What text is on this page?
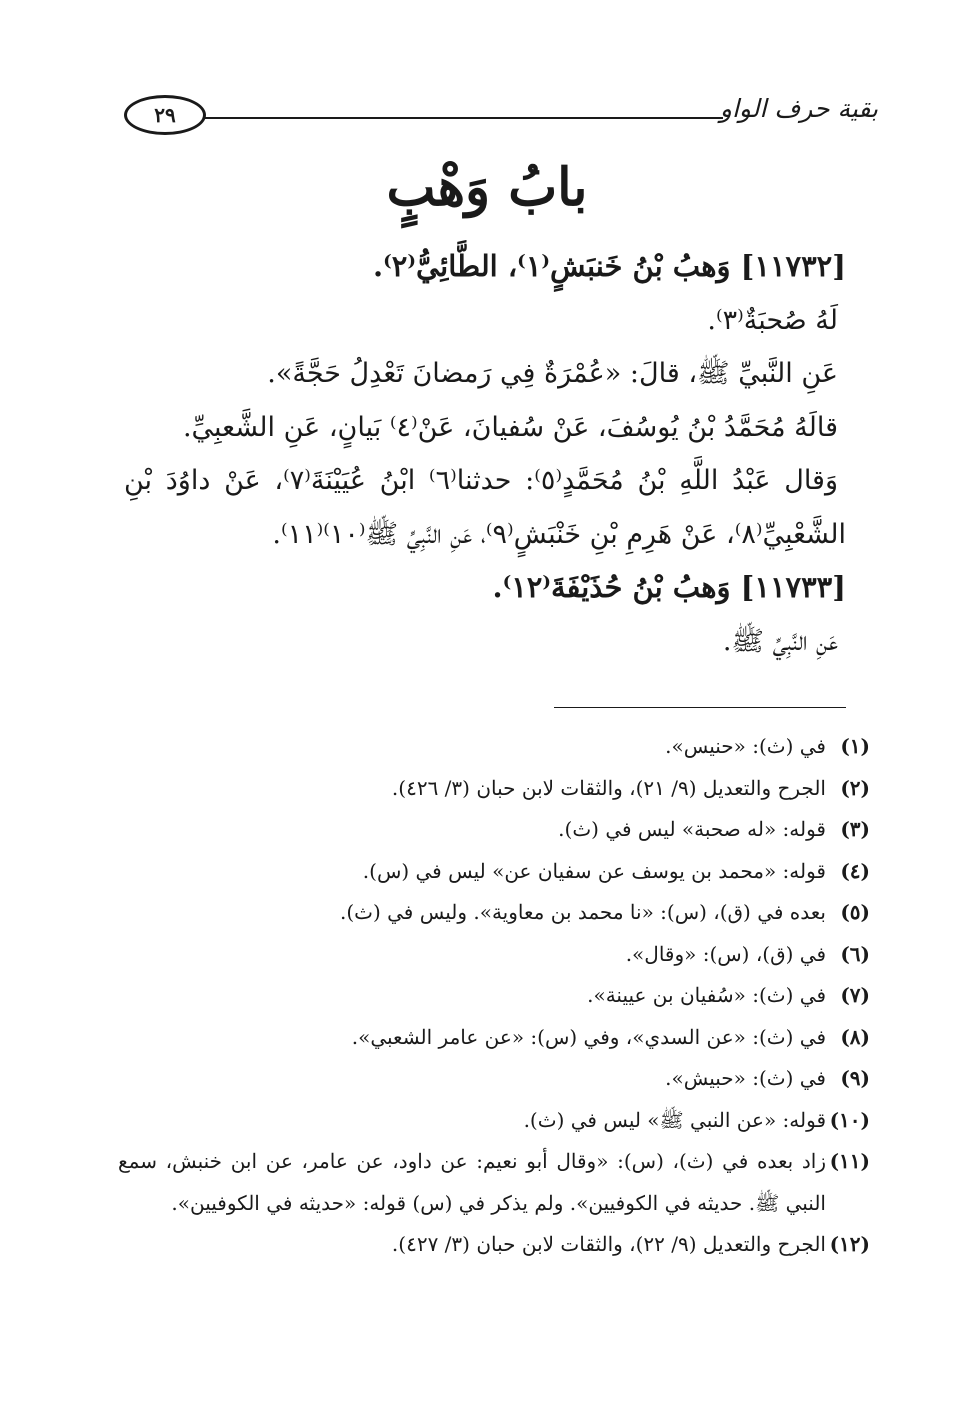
بقية حرف الواو
٢٩
بابُ وَهْبٍ
[١١٧٣٢] وَهبُ بْنُ خَنبَشٍ⁽١⁾، الطَّائِيُّ⁽٢⁾.
لَهُ صُحبَةٌ⁽٣⁾.
عَنِ النَّبيِّ ﷺ، قالَ: «عُمْرَةٌ فِي رَمضانَ تَعْدِلُ حَجَّةً».
قالَهُ مُحَمَّدُ بْنُ يُوسُفَ، عَنْ سُفيانَ، عَنْ⁽٤⁾ بَيانٍ، عَنِ الشَّعبِيِّ.
وَقال عَبْدُ اللَّهِ بْنُ مُحَمَّدٍ⁽٥⁾: حدثنا⁽٦⁾ ابْنُ عُيَيْنَةَ⁽٧⁾، عَنْ داوُدَ بْنِ
الشَّعْبِيِّ⁽٨⁾، عَنْ هَرِمِ بْنِ خَنْبَشٍ⁽٩⁾، عَنِ النَّبِيِّ ﷺ⁽١٠⁾⁽١١⁾.
[١١٧٣٣] وَهبُ بْنُ حُذَيْفَةَ⁽١٢⁾.
عَنِ النَّبِيِّ ﷺ.
(١)في (ث): «حنيس».
(٢)الجرح والتعديل (٩/ ٢١)، والثقات لابن حبان (٣/ ٤٢٦).
(٣)قوله: «له صحبة» ليس في (ث).
(٤)قوله: «محمد بن يوسف عن سفيان عن» ليس في (س).
(٥)بعده في (ق)، (س): «نا محمد بن معاوية». وليس في (ث).
(٦)في (ق)، (س): «وقال».
(٧)في (ث): «سُفيان بن عيينة».
(٨)في (ث): «عن السدي»، وفي (س): «عن عامر الشعبي».
(٩)في (ث): «حبيش».
(١٠)قوله: «عن النبي ﷺ» ليس في (ث).
(١١)زاد بعده في (ث)، (س): «وقال أبو نعيم: عن داود، عن عامر، عن ابن خنبش، سمع
النبي ﷺ. حديثه في الكوفيين». ولم يذكر في (س) قوله: «حديثه في الكوفيين».
(١٢)الجرح والتعديل (٩/ ٢٢)، والثقات لابن حبان (٣/ ٤٢٧).
